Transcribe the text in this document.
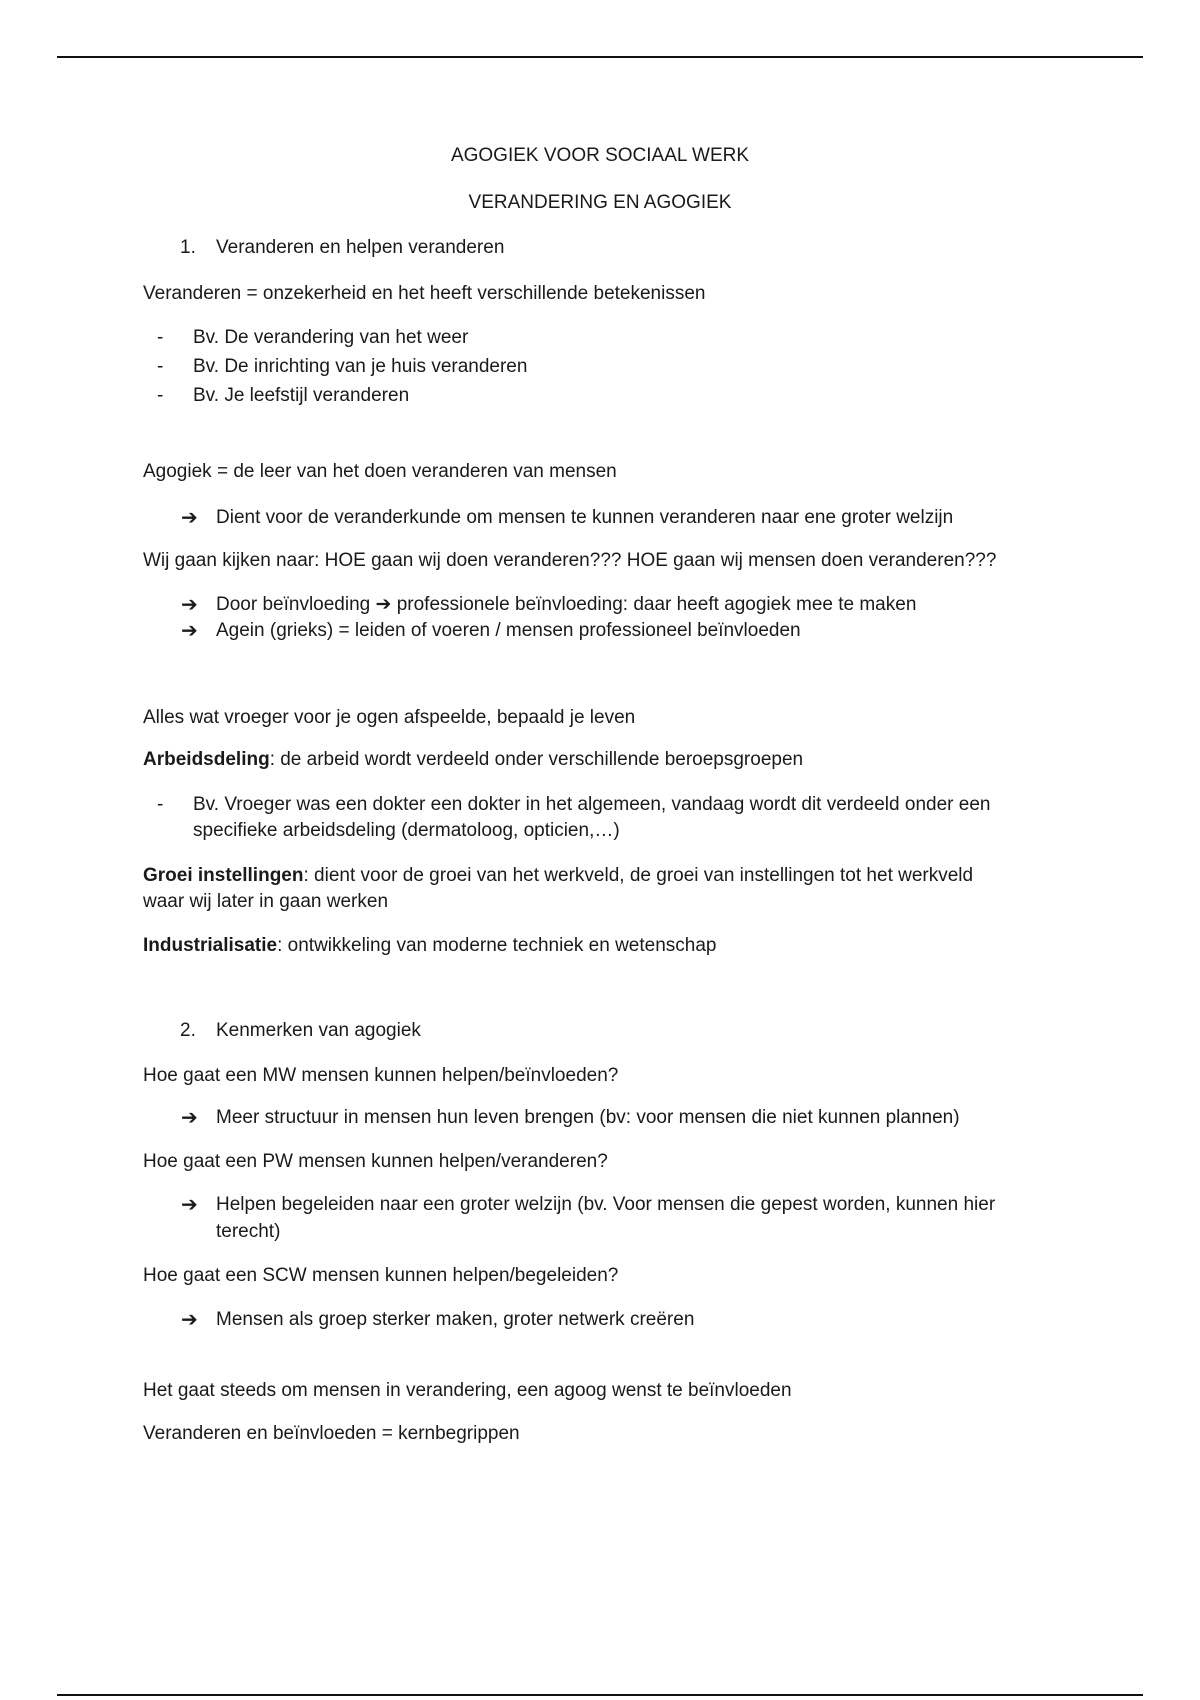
AGOGIEK VOOR SOCIAAL WERK
VERANDERING EN AGOGIEK
1. Veranderen en helpen veranderen
Veranderen = onzekerheid en het heeft verschillende betekenissen
- Bv. De verandering van het weer
- Bv. De inrichting van je huis veranderen
- Bv. Je leefstijl veranderen
Agogiek = de leer van het doen veranderen van mensen
➔ Dient voor de veranderkunde om mensen te kunnen veranderen naar ene groter welzijn
Wij gaan kijken naar: HOE gaan wij doen veranderen??? HOE gaan wij mensen doen veranderen???
➔ Door beïnvloeding ➔ professionele beïnvloeding: daar heeft agogiek mee te maken
➔ Agein (grieks) = leiden of voeren / mensen professioneel beïnvloeden
Alles wat vroeger voor je ogen afspeelde, bepaald je leven
Arbeidsdeling: de arbeid wordt verdeeld onder verschillende beroepsgroepen
- Bv. Vroeger was een dokter een dokter in het algemeen, vandaag wordt dit verdeeld onder een
specifieke arbeidsdeling (dermatoloog, opticien,…)
Groei instellingen: dient voor de groei van het werkveld, de groei van instellingen tot het werkveld
waar wij later in gaan werken
Industrialisatie: ontwikkeling van moderne techniek en wetenschap
2. Kenmerken van agogiek
Hoe gaat een MW mensen kunnen helpen/beïnvloeden?
➔ Meer structuur in mensen hun leven brengen (bv: voor mensen die niet kunnen plannen)
Hoe gaat een PW mensen kunnen helpen/veranderen?
➔ Helpen begeleiden naar een groter welzijn (bv. Voor mensen die gepest worden, kunnen hier
terecht)
Hoe gaat een SCW mensen kunnen helpen/begeleiden?
➔ Mensen als groep sterker maken, groter netwerk creëren
Het gaat steeds om mensen in verandering, een agoog wenst te beïnvloeden
Veranderen en beïnvloeden = kernbegrippen
